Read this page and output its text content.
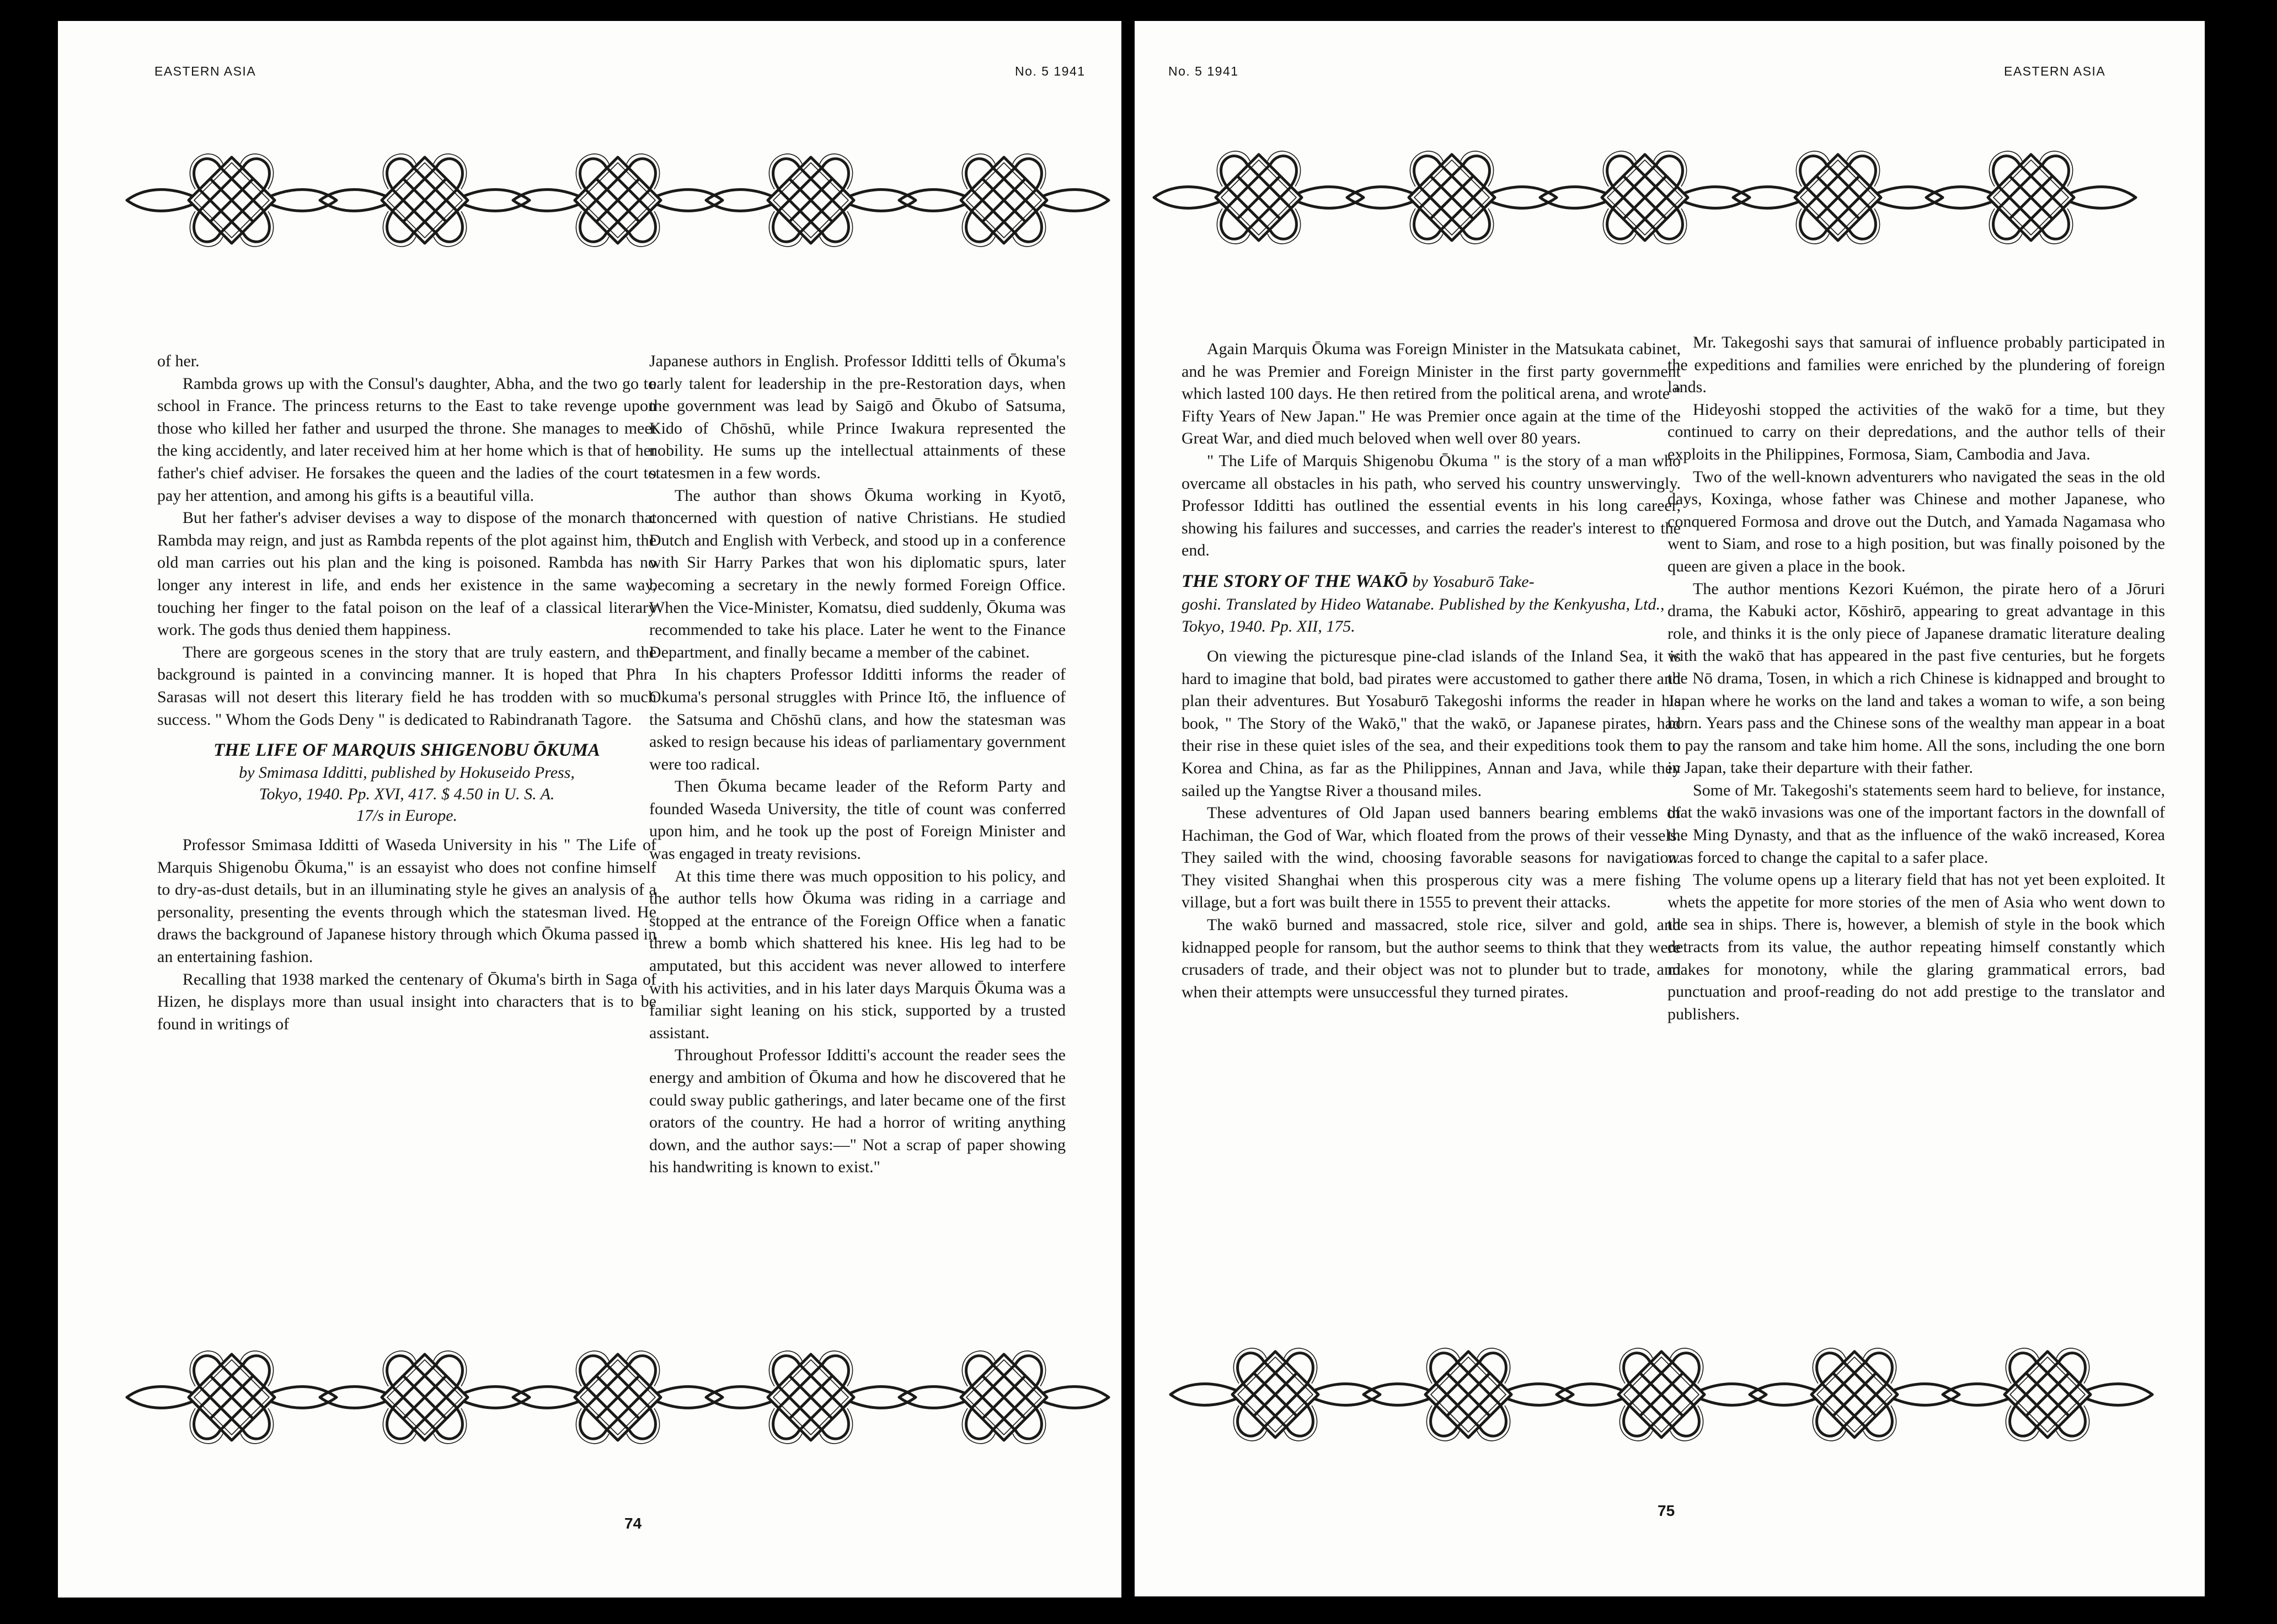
EASTERN ASIA	No. 5 1941

of her.

Rambda grows up with the Consul's daughter, Abha, and the two go to school in France. The princess returns to the East to take revenge upon those who killed her father and usurped the throne. She manages to meet the king accidently, and later received him at her home which is that of her father's chief adviser. He forsakes the queen and the ladies of the court to pay her attention, and among his gifts is a beautiful villa.

But her father's adviser devises a way to dispose of the monarch that Rambda may reign, and just as Rambda repents of the plot against him, the old man carries out his plan and the king is poisoned. Rambda has no longer any interest in life, and ends her existence in the same way, touching her finger to the fatal poison on the leaf of a classical literary work. The gods thus denied them happiness.

There are gorgeous scenes in the story that are truly eastern, and the background is painted in a convincing manner. It is hoped that Phra Sarasas will not desert this literary field he has trodden with so much success. " Whom the Gods Deny " is dedicated to Rabindranath Tagore.

THE LIFE OF MARQUIS SHIGENOBU ŌKUMA
by Smimasa Idditti, published by Hokuseido Press,
Tokyo, 1940. Pp. XVI, 417. $ 4.50 in U. S. A.
17/s in Europe.

Professor Smimasa Idditti of Waseda University in his " The Life of Marquis Shigenobu Ōkuma," is an essayist who does not confine himself to dry-as-dust details, but in an illuminating style he gives an analysis of a personality, presenting the events through which the statesman lived. He draws the background of Japanese history through which Ōkuma passed in an entertaining fashion.

Recalling that 1938 marked the centenary of Ōkuma's birth in Saga of Hizen, he displays more than usual insight into characters that is to be found in writings of

Japanese authors in English. Professor Idditti tells of Ōkuma's early talent for leadership in the pre-Restoration days, when the government was lead by Saigō and Ōkubo of Satsuma, Kido of Chōshū, while Prince Iwakura represented the nobility. He sums up the intellectual attainments of these statesmen in a few words.

The author than shows Ōkuma working in Kyotō, concerned with question of native Christians. He studied Dutch and English with Verbeck, and stood up in a conference with Sir Harry Parkes that won his diplomatic spurs, later becoming a secretary in the newly formed Foreign Office. When the Vice-Minister, Komatsu, died suddenly, Ōkuma was recommended to take his place. Later he went to the Finance Department, and finally became a member of the cabinet.

In his chapters Professor Idditti informs the reader of Okuma's personal struggles with Prince Itō, the influence of the Satsuma and Chōshū clans, and how the statesman was asked to resign because his ideas of parliamentary government were too radical.

Then Ōkuma became leader of the Reform Party and founded Waseda University, the title of count was conferred upon him, and he took up the post of Foreign Minister and was engaged in treaty revisions.

At this time there was much opposition to his policy, and the author tells how Ōkuma was riding in a carriage and stopped at the entrance of the Foreign Office when a fanatic threw a bomb which shattered his knee. His leg had to be amputated, but this accident was never allowed to interfere with his activities, and in his later days Marquis Ōkuma was a familiar sight leaning on his stick, supported by a trusted assistant.

Throughout Professor Idditti's account the reader sees the energy and ambition of Ōkuma and how he discovered that he could sway public gatherings, and later became one of the first orators of the country. He had a horror of writing anything down, and the author says:—" Not a scrap of paper showing his handwriting is known to exist."

74
No. 5 1941	EASTERN ASIA

Again Marquis Ōkuma was Foreign Minister in the Matsukata cabinet, and he was Premier and Foreign Minister in the first party government which lasted 100 days. He then retired from the political arena, and wrote " Fifty Years of New Japan." He was Premier once again at the time of the Great War, and died much beloved when well over 80 years.

" The Life of Marquis Shigenobu Ōkuma " is the story of a man who overcame all obstacles in his path, who served his country unswervingly. Professor Idditti has outlined the essential events in his long career, showing his failures and successes, and carries the reader's interest to the end.

THE STORY OF THE WAKŌ by Yosaburō Take-
goshi. Translated by Hideo Watanabe. Published by the Kenkyusha, Ltd., Tokyo, 1940. Pp. XII, 175.

On viewing the picturesque pine-clad islands of the Inland Sea, it is hard to imagine that bold, bad pirates were accustomed to gather there and plan their adventures. But Yosaburō Takegoshi informs the reader in his book, " The Story of the Wakō," that the wakō, or Japanese pirates, had their rise in these quiet isles of the sea, and their expeditions took them to Korea and China, as far as the Philippines, Annan and Java, while they sailed up the Yangtse River a thousand miles.

These adventures of Old Japan used banners bearing emblems of Hachiman, the God of War, which floated from the prows of their vessels. They sailed with the wind, choosing favorable seasons for navigation. They visited Shanghai when this prosperous city was a mere fishing village, but a fort was built there in 1555 to prevent their attacks.

The wakō burned and massacred, stole rice, silver and gold, and kidnapped people for ransom, but the author seems to think that they were crusaders of trade, and their object was not to plunder but to trade, and when their attempts were unsuccessful they turned pirates.

Mr. Takegoshi says that samurai of influence probably participated in the expeditions and families were enriched by the plundering of foreign lands.

Hideyoshi stopped the activities of the wakō for a time, but they continued to carry on their depredations, and the author tells of their exploits in the Philippines, Formosa, Siam, Cambodia and Java.

Two of the well-known adventurers who navigated the seas in the old days, Koxinga, whose father was Chinese and mother Japanese, who conquered Formosa and drove out the Dutch, and Yamada Nagamasa who went to Siam, and rose to a high position, but was finally poisoned by the queen are given a place in the book.

The author mentions Kezori Kuémon, the pirate hero of a Jōruri drama, the Kabuki actor, Kōshirō, appearing to great advantage in this role, and thinks it is the only piece of Japanese dramatic literature dealing with the wakō that has appeared in the past five centuries, but he forgets the Nō drama, Tosen, in which a rich Chinese is kidnapped and brought to Japan where he works on the land and takes a woman to wife, a son being born. Years pass and the Chinese sons of the wealthy man appear in a boat to pay the ransom and take him home. All the sons, including the one born in Japan, take their departure with their father.

Some of Mr. Takegoshi's statements seem hard to believe, for instance, that the wakō invasions was one of the important factors in the downfall of the Ming Dynasty, and that as the influence of the wakō increased, Korea was forced to change the capital to a safer place.

The volume opens up a literary field that has not yet been exploited. It whets the appetite for more stories of the men of Asia who went down to the sea in ships. There is, however, a blemish of style in the book which detracts from its value, the author repeating himself constantly which makes for monotony, while the glaring grammatical errors, bad punctuation and proof-reading do not add prestige to the translator and publishers.

75
